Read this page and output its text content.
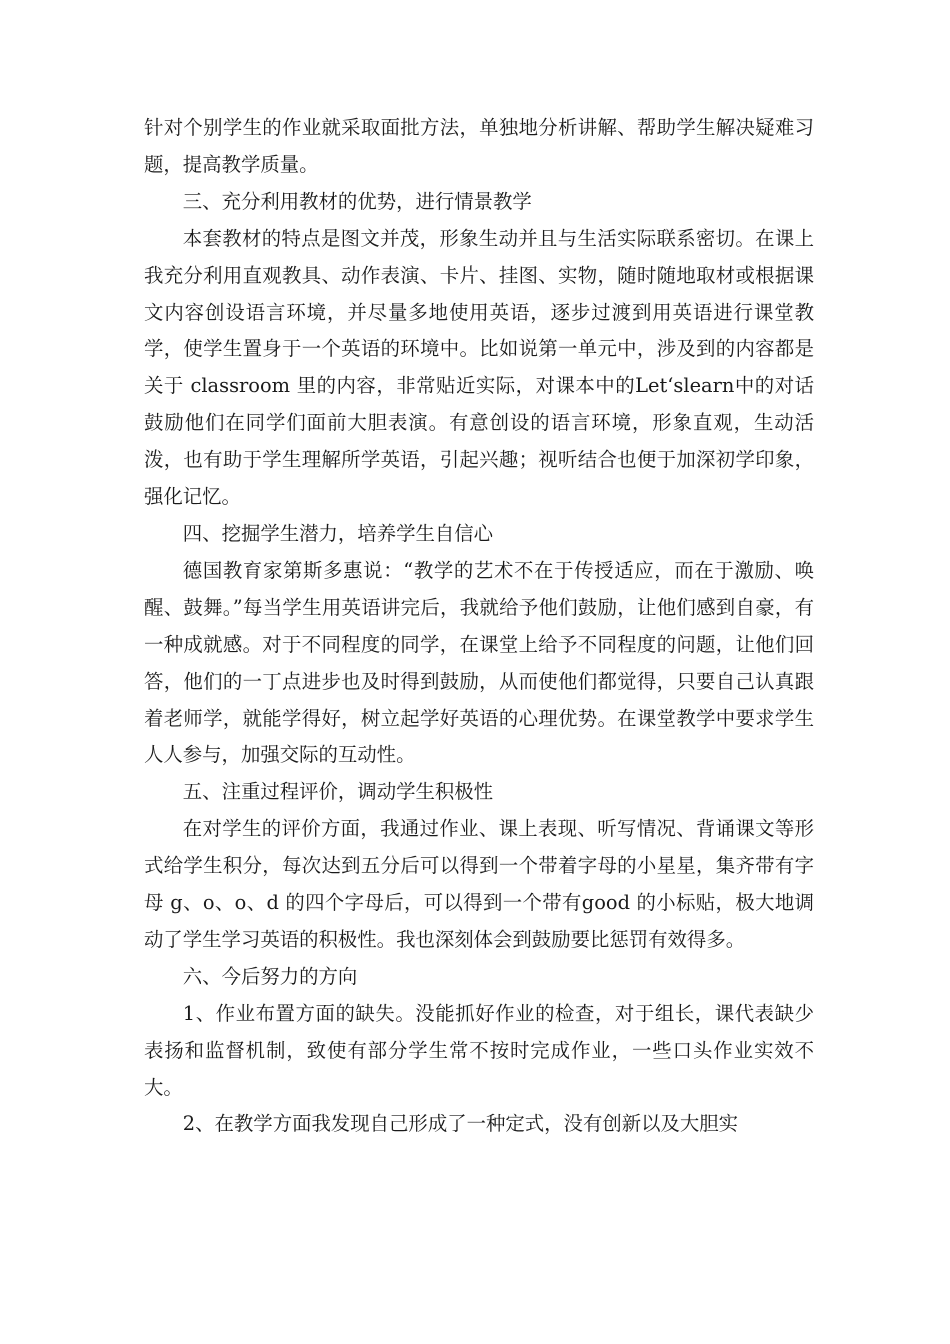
针对个别学生的作业就采取面批方法，单独地分析讲解、帮助学生解决疑难习题，提高教学质量。

三、充分利用教材的优势，进行情景教学

本套教材的特点是图文并茂，形象生动并且与生活实际联系密切。在课上我充分利用直观教具、动作表演、卡片、挂图、实物，随时随地取材或根据课文内容创设语言环境，并尽量多地使用英语，逐步过渡到用英语进行课堂教学，使学生置身于一个英语的环境中。比如说第一单元中，涉及到的内容都是关于 classroom 里的内容，非常贴近实际，对课本中的Let‘slearn中的对话鼓励他们在同学们面前大胆表演。有意创设的语言环境，形象直观，生动活泼，也有助于学生理解所学英语，引起兴趣；视听结合也便于加深初学印象，强化记忆。

四、挖掘学生潜力，培养学生自信心

德国教育家第斯多惠说：“教学的艺术不在于传授适应，而在于激励、唤醒、鼓舞。”每当学生用英语讲完后，我就给予他们鼓励，让他们感到自豪，有一种成就感。对于不同程度的同学，在课堂上给予不同程度的问题，让他们回答，他们的一丁点进步也及时得到鼓励，从而使他们都觉得，只要自己认真跟着老师学，就能学得好，树立起学好英语的心理优势。在课堂教学中要求学生人人参与，加强交际的互动性。

五、注重过程评价，调动学生积极性

在对学生的评价方面，我通过作业、课上表现、听写情况、背诵课文等形式给学生积分，每次达到五分后可以得到一个带着字母的小星星，集齐带有字母 g、o、o、d 的四个字母后，可以得到一个带有good 的小标贴，极大地调动了学生学习英语的积极性。我也深刻体会到鼓励要比惩罚有效得多。

六、今后努力的方向

1、作业布置方面的缺失。没能抓好作业的检查，对于组长，课代表缺少表扬和监督机制，致使有部分学生常不按时完成作业，一些口头作业实效不大。

2、在教学方面我发现自己形成了一种定式，没有创新以及大胆实
